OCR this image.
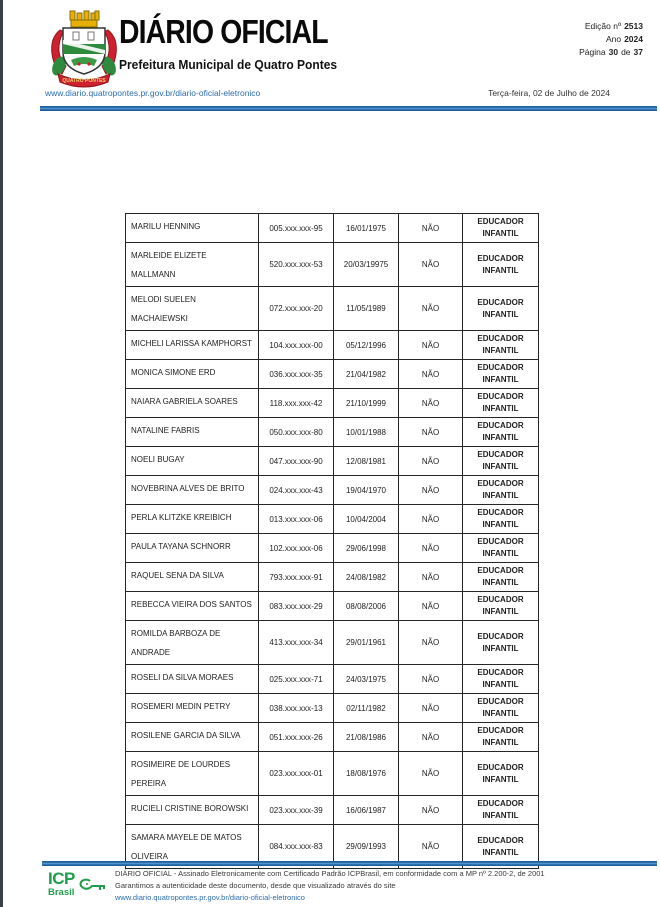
QUATRO PONTES
DIÁRIO OFICIAL
Prefeitura Municipal de Quatro Pontes
Edição nº 2513
Ano 2024
Página 30 de 37
www.diario.quatropontes.pr.gov.br/diario-oficial-eletronico	Terça-feira, 02 de Julho de 2024
MARILU HENNING	005.xxx.xxx-95	16/01/1975	NÃO	EDUCADOR INFANTIL
MARLEIDE ELIZETE
MALLMANN	520.xxx.xxx-53	20/03/19975	NÃO	EDUCADOR INFANTIL
MELODI SUELEN
MACHAIEWSKI	072.xxx.xxx-20	11/05/1989	NÃO	EDUCADOR INFANTIL
MICHELI LARISSA KAMPHORST	104.xxx.xxx-00	05/12/1996	NÃO	EDUCADOR INFANTIL
MONICA SIMONE ERD	036.xxx.xxx-35	21/04/1982	NÃO	EDUCADOR INFANTIL
NAIARA GABRIELA SOARES	118.xxx.xxx-42	21/10/1999	NÃO	EDUCADOR INFANTIL
NATALINE FABRIS	050.xxx.xxx-80	10/01/1988	NÃO	EDUCADOR INFANTIL
NOELI BUGAY	047.xxx.xxx-90	12/08/1981	NÃO	EDUCADOR INFANTIL
NOVEBRINA ALVES DE BRITO	024.xxx.xxx-43	19/04/1970	NÃO	EDUCADOR INFANTIL
PERLA KLITZKE KREIBICH	013.xxx.xxx-06	10/04/2004	NÃO	EDUCADOR INFANTIL
PAULA TAYANA SCHNORR	102.xxx.xxx-06	29/06/1998	NÃO	EDUCADOR INFANTIL
RAQUEL SENA DA SILVA	793.xxx.xxx-91	24/08/1982	NÃO	EDUCADOR INFANTIL
REBECCA VIEIRA DOS SANTOS	083.xxx.xxx-29	08/08/2006	NÃO	EDUCADOR INFANTIL
ROMILDA BARBOZA DE
ANDRADE	413.xxx.xxx-34	29/01/1961	NÃO	EDUCADOR INFANTIL
ROSELI DA SILVA MORAES	025.xxx.xxx-71	24/03/1975	NÃO	EDUCADOR INFANTIL
ROSEMERI MEDIN PETRY	038.xxx.xxx-13	02/11/1982	NÃO	EDUCADOR INFANTIL
ROSILENE GARCIA DA SILVA	051.xxx.xxx-26	21/08/1986	NÃO	EDUCADOR INFANTIL
ROSIMEIRE DE LOURDES
PEREIRA	023.xxx.xxx-01	18/08/1976	NÃO	EDUCADOR INFANTIL
RUCIELI CRISTINE BOROWSKI	023.xxx.xxx-39	16/06/1987	NÃO	EDUCADOR INFANTIL
SAMARA MAYELE DE MATOS
OLIVEIRA	084.xxx.xxx-83	29/09/1993	NÃO	EDUCADOR INFANTIL
ICP
Brasil
DIÁRIO OFICIAL - Assinado Eletronicamente com Certificado Padrão ICPBrasil, em conformidade com a MP nº 2.200-2, de 2001
Garantimos a autenticidade deste documento, desde que visualizado através do site
www.diario.quatropontes.pr.gov.br/diario-oficial-eletronico
